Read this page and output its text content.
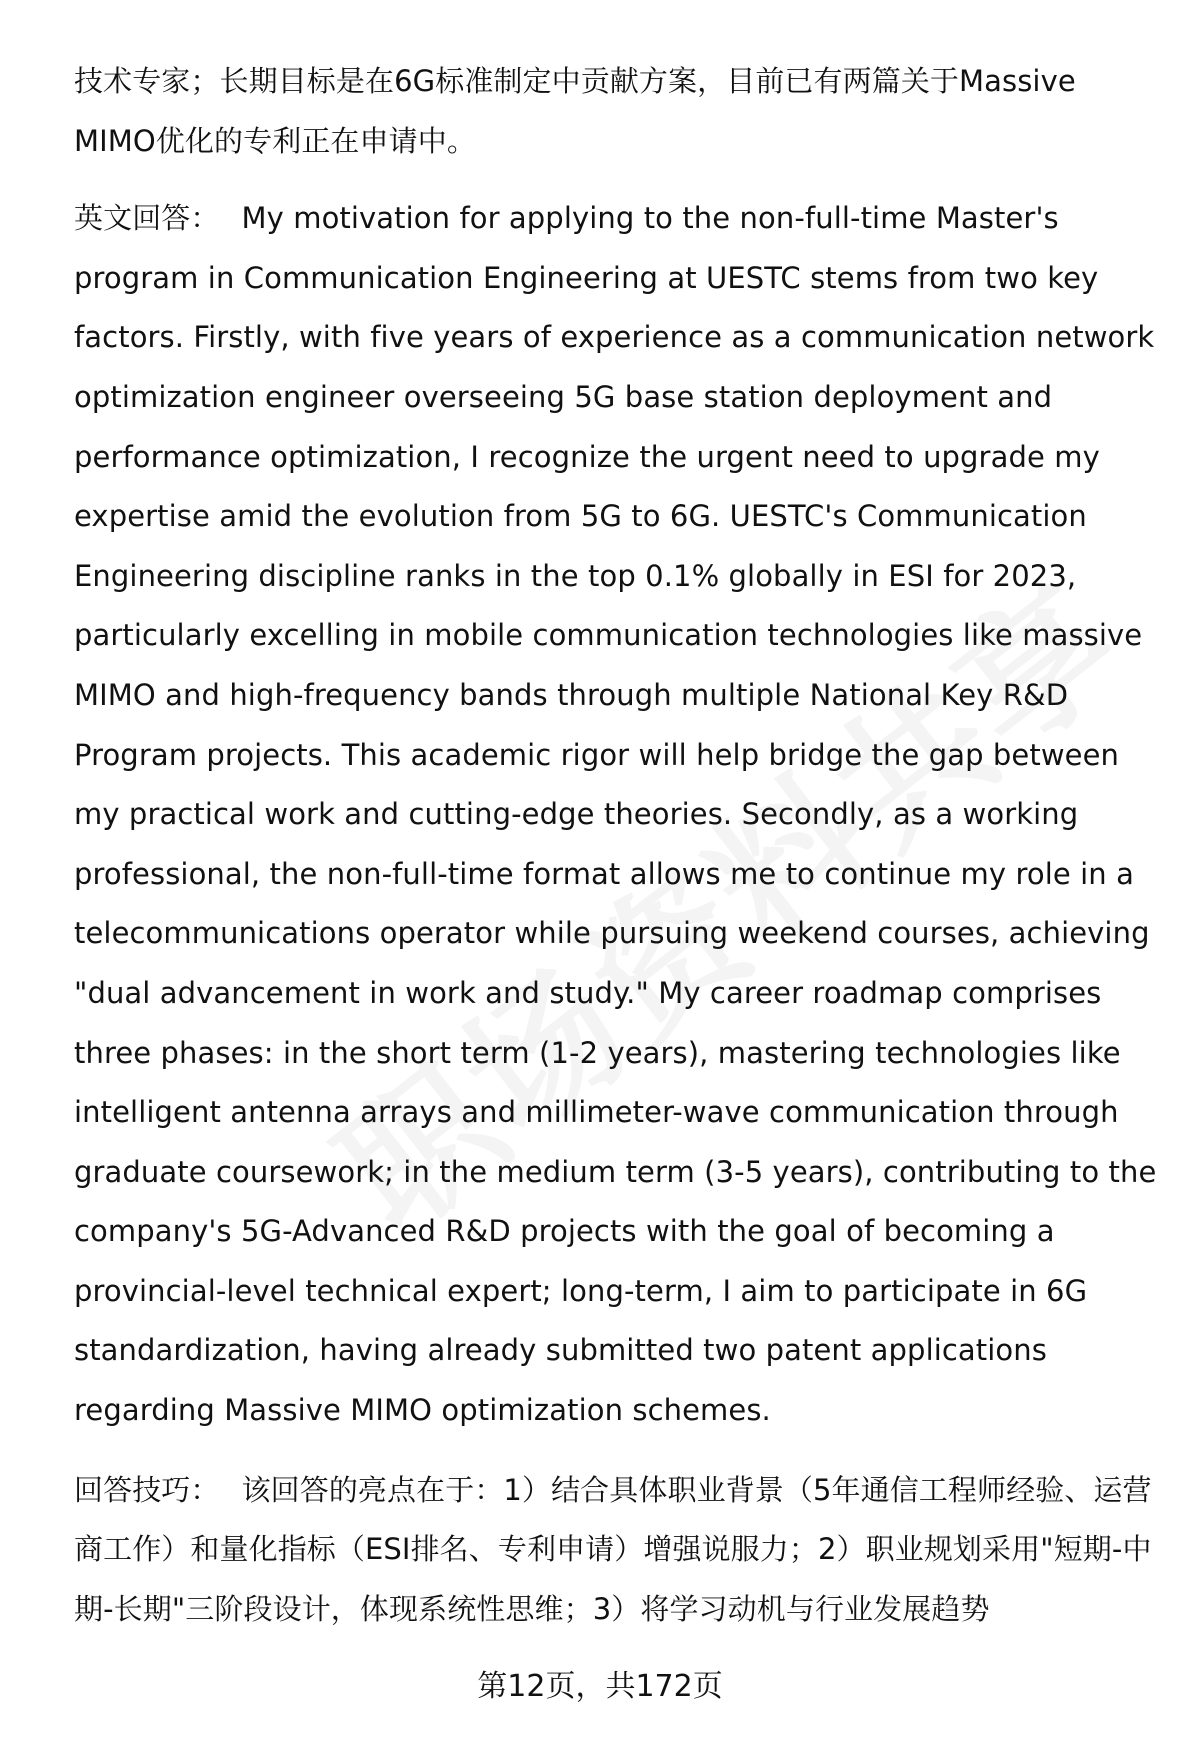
技术专家；长期目标是在6G标准制定中贡献方案，目前已有两篇关于Massive MIMO优化的专利正在申请中。

英文回答： My motivation for applying to the non-full-time Master's program in Communication Engineering at UESTC stems from two key factors. Firstly, with five years of experience as a communication network optimization engineer overseeing 5G base station deployment and performance optimization, I recognize the urgent need to upgrade my expertise amid the evolution from 5G to 6G. UESTC's Communication Engineering discipline ranks in the top 0.1% globally in ESI for 2023, particularly excelling in mobile communication technologies like massive MIMO and high-frequency bands through multiple National Key R&D Program projects. This academic rigor will help bridge the gap between my practical work and cutting-edge theories. Secondly, as a working professional, the non-full-time format allows me to continue my role in a telecommunications operator while pursuing weekend courses, achieving "dual advancement in work and study." My career roadmap comprises three phases: in the short term (1-2 years), mastering technologies like intelligent antenna arrays and millimeter-wave communication through graduate coursework; in the medium term (3-5 years), contributing to the company's 5G-Advanced R&D projects with the goal of becoming a provincial-level technical expert; long-term, I aim to participate in 6G standardization, having already submitted two patent applications regarding Massive MIMO optimization schemes.

回答技巧： 该回答的亮点在于：1）结合具体职业背景（5年通信工程师经验、运营商工作）和量化指标（ESI排名、专利申请）增强说服力；2）职业规划采用"短期-中期-长期"三阶段设计，体现系统性思维；3）将学习动机与行业发展趋势

第12页，共172页
